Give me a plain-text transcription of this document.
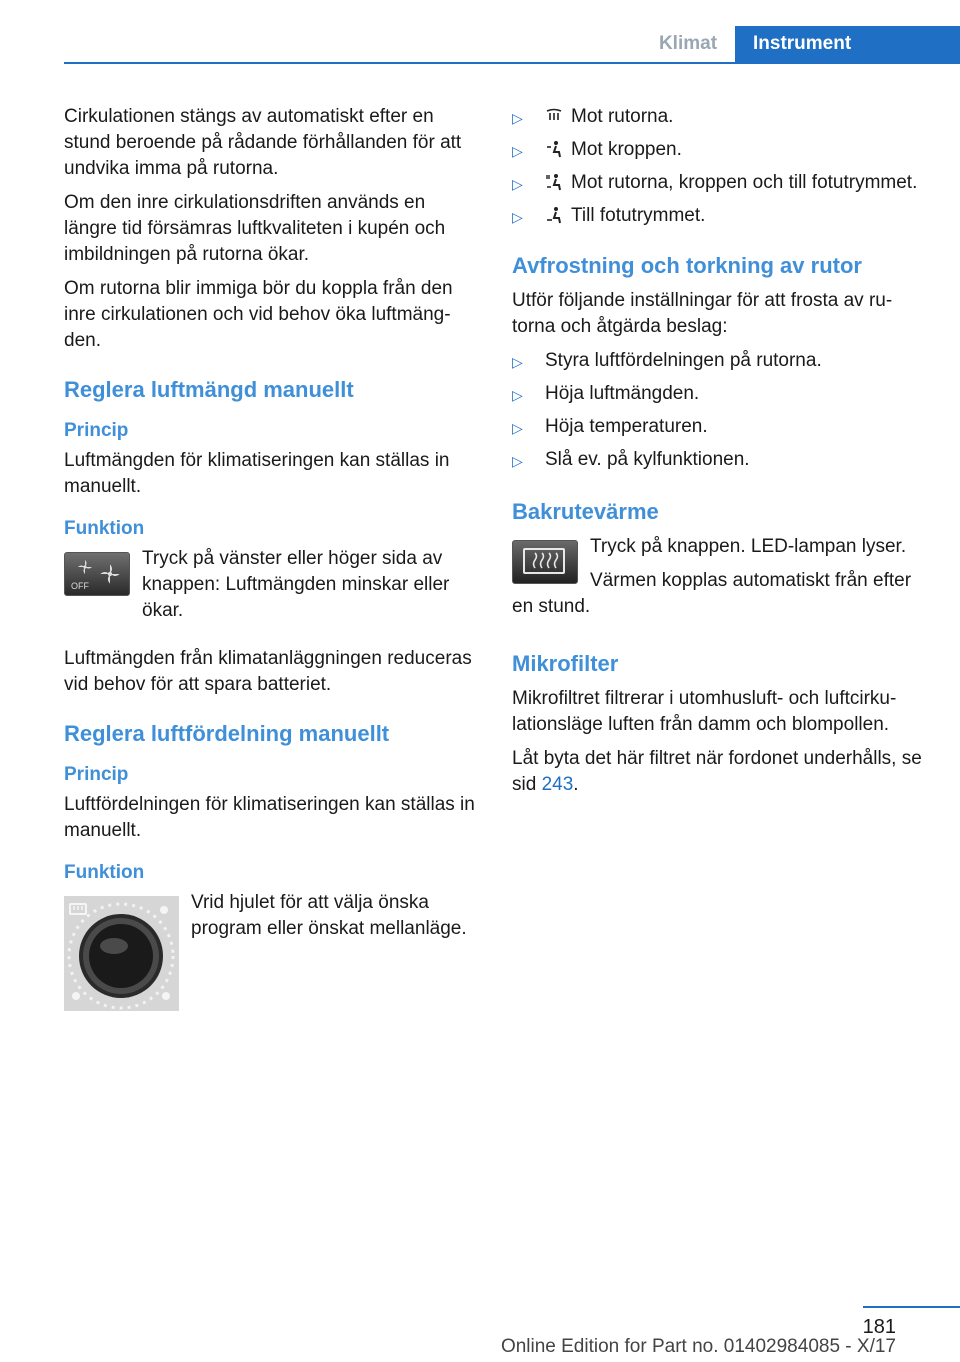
Klimat	Instrument

Cirkulationen stängs av automatiskt efter en stund beroende på rådande förhållanden för att undvika imma på rutorna.

Om den inre cirkulationsdriften används en längre tid försämras luftkvaliteten i kupén och imbildningen på rutorna ökar.

Om rutorna blir immiga bör du koppla från den inre cirkulationen och vid behov öka luftmängden.

Reglera luftmängd manuellt
Princip

Luftmängden för klimatiseringen kan ställas in manuellt.

Funktion
OFF

Tryck på vänster eller höger sida av knappen: Luftmängden minskar eller ökar.

Luftmängden från klimatanläggningen reduceras vid behov för att spara batteriet.

Reglera luftfördelning manuellt
Princip

Luftfördelningen för klimatiseringen kan ställas in manuellt.

Funktion

Vrid hjulet för att välja önska program eller önskat mellanläge.

▷	Mot rutorna.
▷	Mot kroppen.
▷	Mot rutorna, kroppen och till fotutrymmet.
▷	Till fotutrymmet.
Avfrostning och torkning av rutor

Utför följande inställningar för att frosta av rutorna och åtgärda beslag:

▷	Styra luftfördelningen på rutorna.
▷	Höja luftmängden.
▷	Höja temperaturen.
▷	Slå ev. på kylfunktionen.
Bakrutevärme

Tryck på knappen. LED-lampan lyser.

Värmen kopplas automatiskt från efter en stund.

Mikrofilter

Mikrofiltret filtrerar i utomhusluft- och luftcirkulationsläge luften från damm och blompollen.

Låt byta det här filtret när fordonet underhålls, se sid 243.

181
Online Edition for Part no. 01402984085 - X/17
